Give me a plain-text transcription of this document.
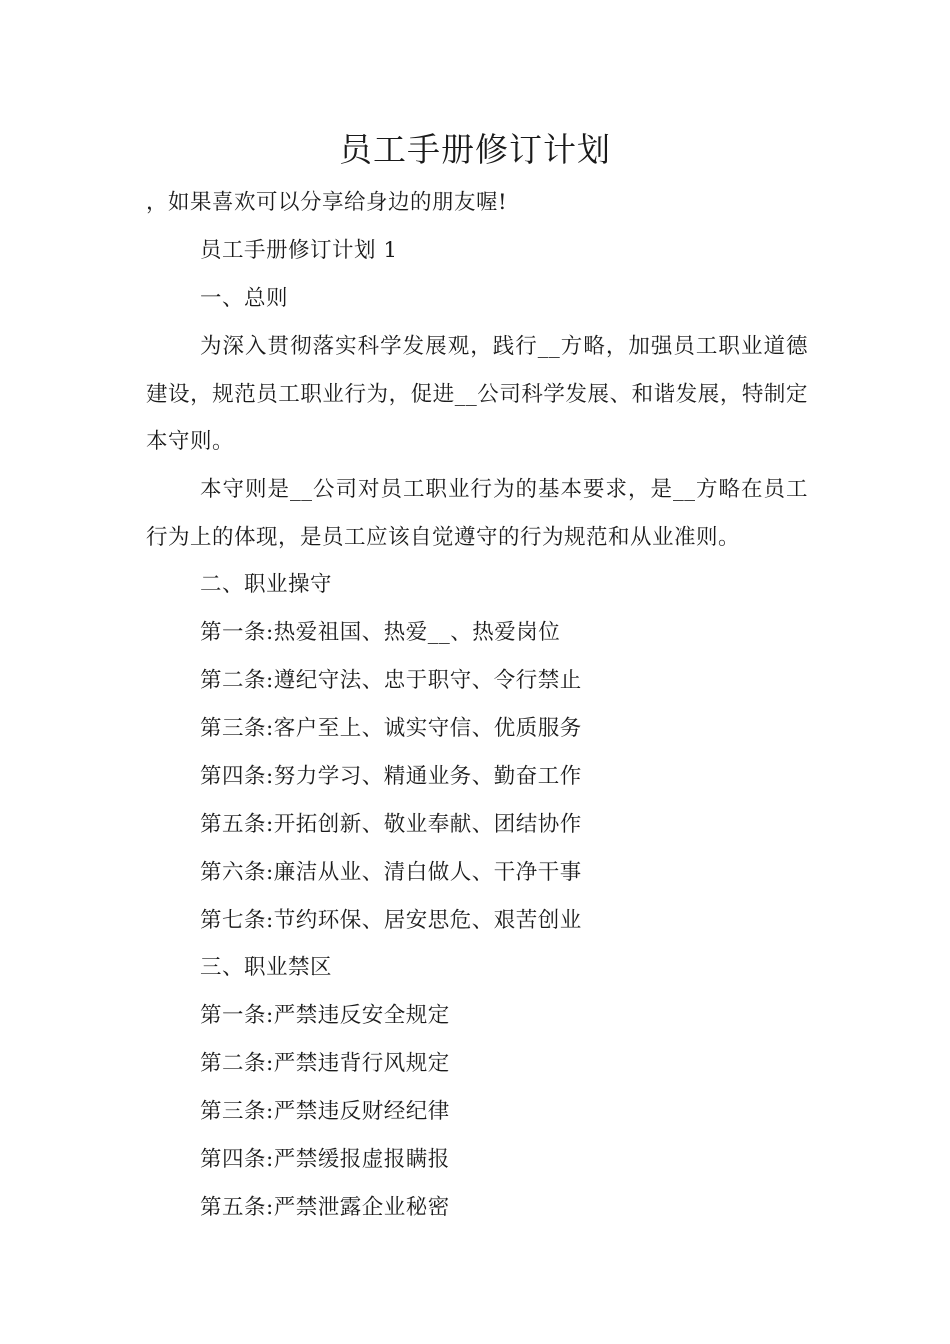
员工手册修订计划
，如果喜欢可以分享给身边的朋友喔!
员工手册修订计划 1
一、总则
为深入贯彻落实科学发展观，践行__方略，加强员工职业道德建设，规范员工职业行为，促进__公司科学发展、和谐发展，特制定本守则。
本守则是__公司对员工职业行为的基本要求，是__方略在员工行为上的体现，是员工应该自觉遵守的行为规范和从业准则。
二、职业操守
第一条:热爱祖国、热爱__、热爱岗位
第二条:遵纪守法、忠于职守、令行禁止
第三条:客户至上、诚实守信、优质服务
第四条:努力学习、精通业务、勤奋工作
第五条:开拓创新、敬业奉献、团结协作
第六条:廉洁从业、清白做人、干净干事
第七条:节约环保、居安思危、艰苦创业
三、职业禁区
第一条:严禁违反安全规定
第二条:严禁违背行风规定
第三条:严禁违反财经纪律
第四条:严禁缓报虚报瞒报
第五条:严禁泄露企业秘密
